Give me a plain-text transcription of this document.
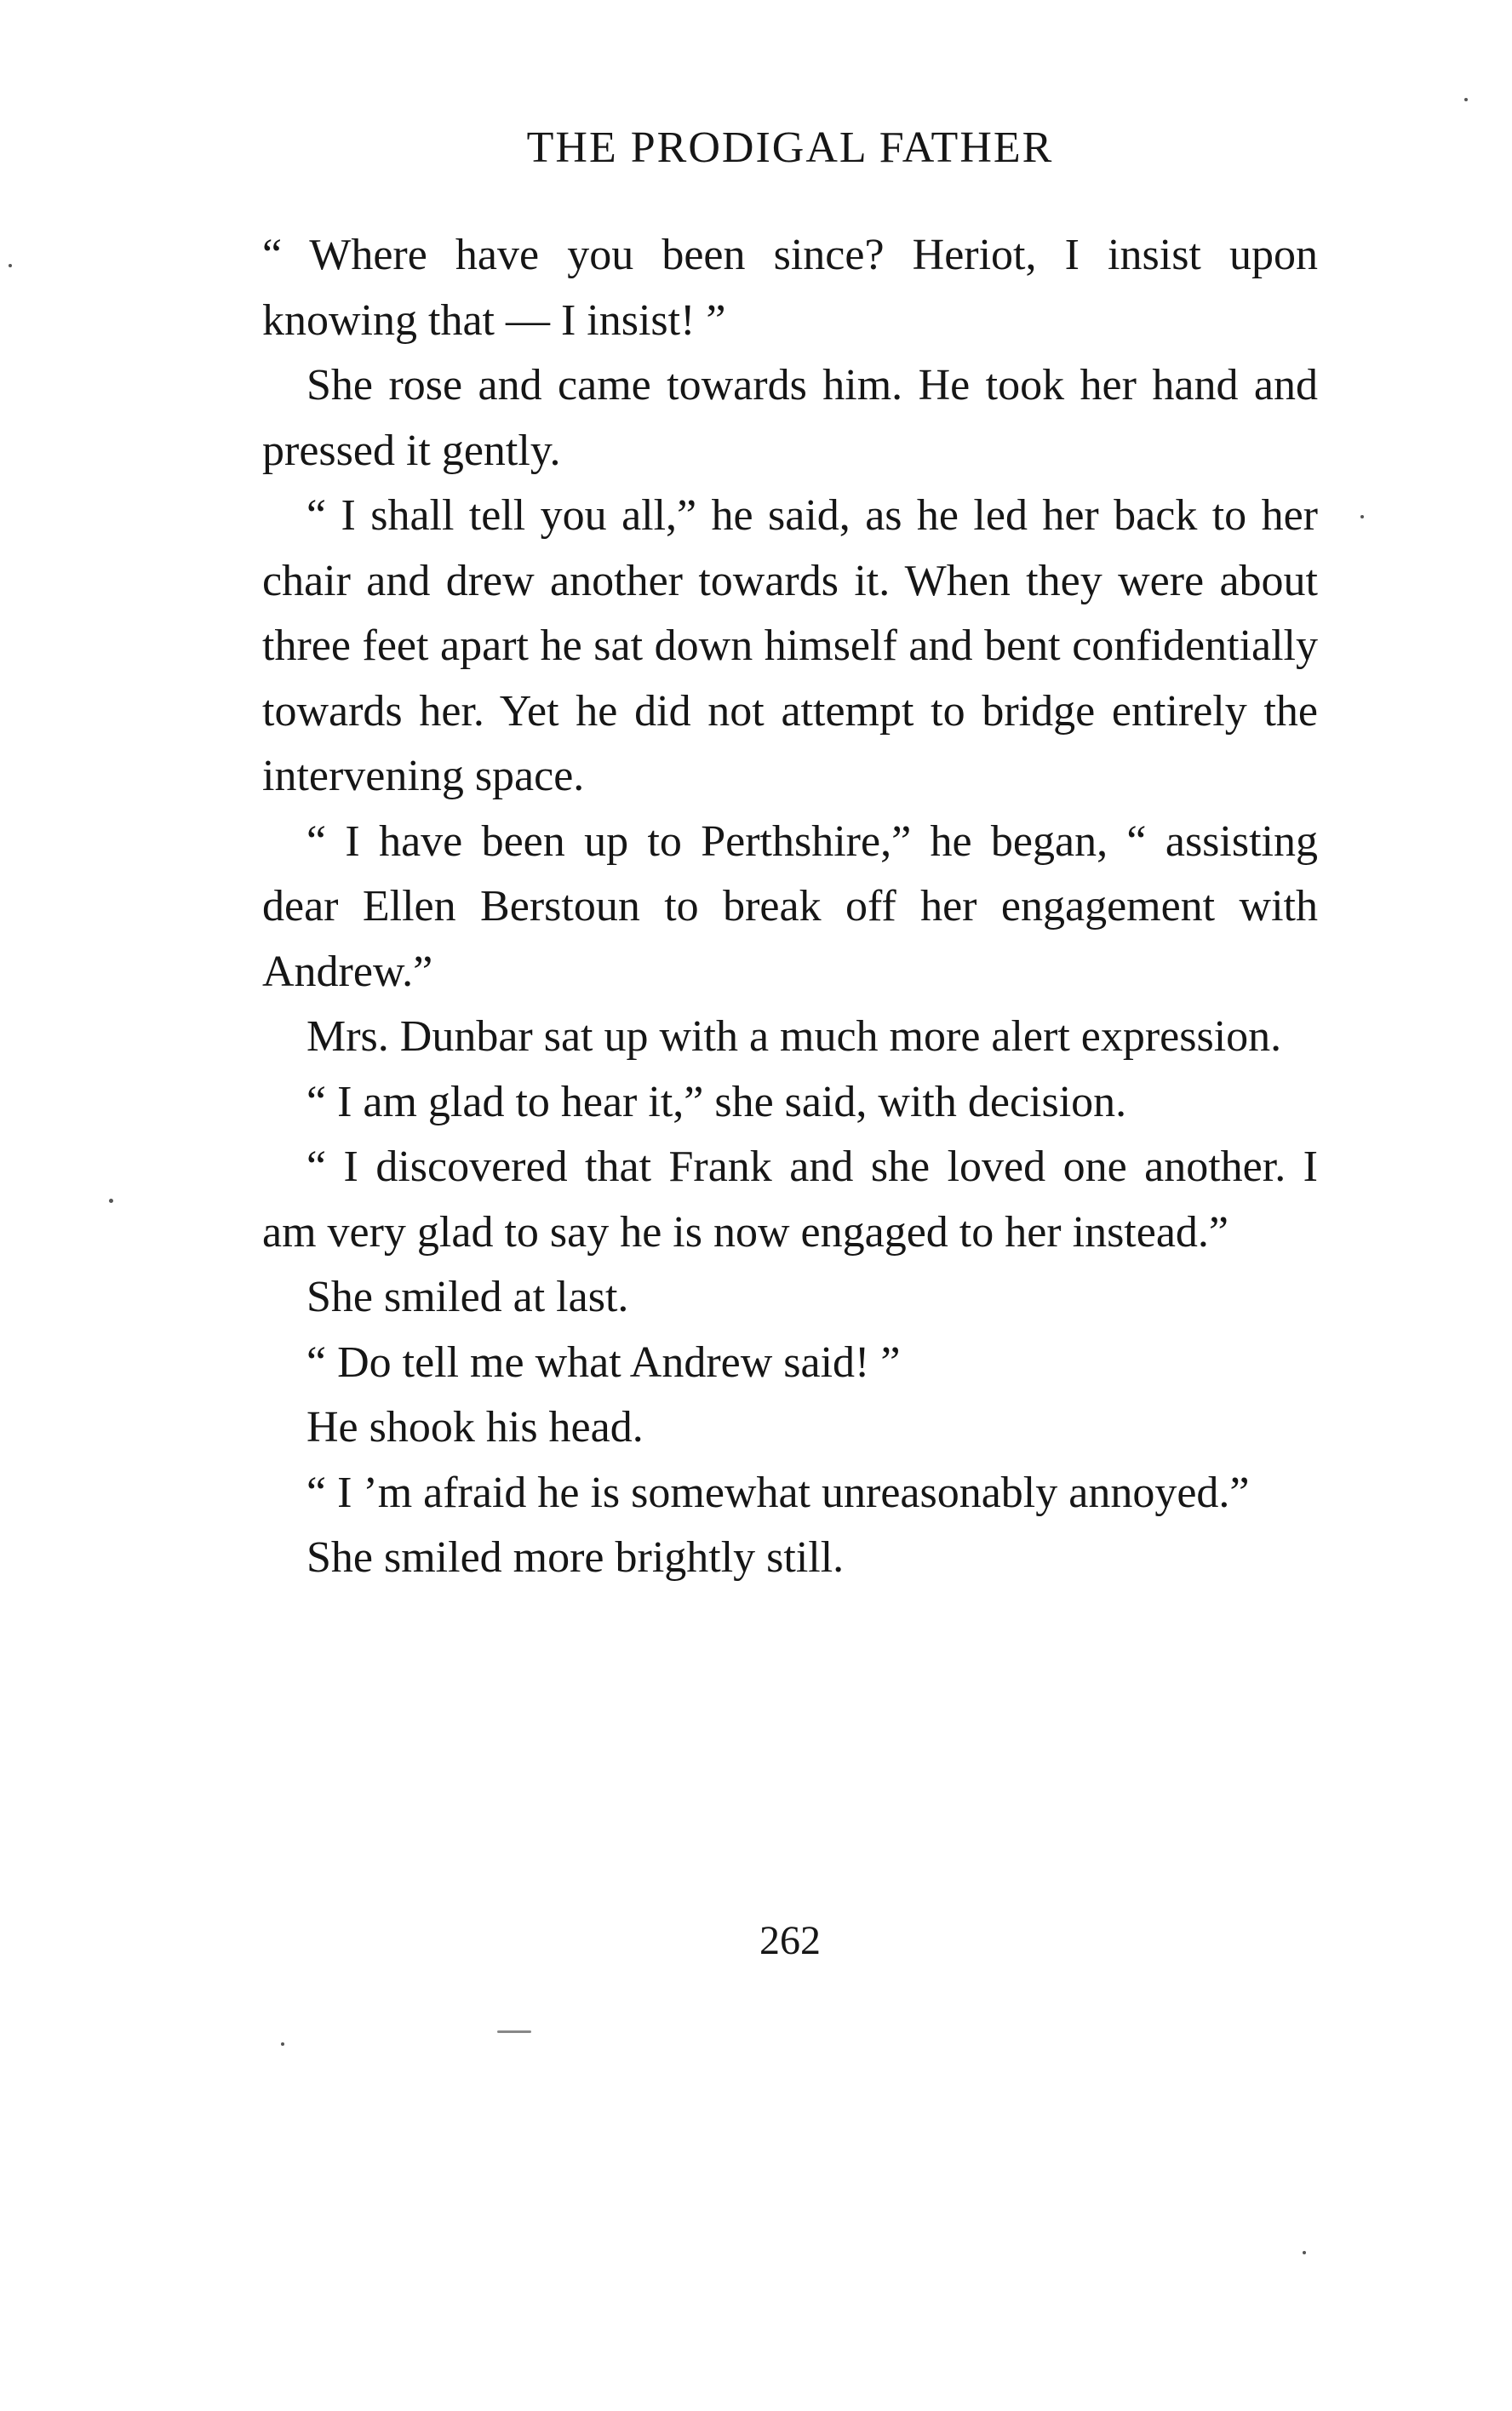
THE PRODIGAL FATHER

“ Where have you been since? Heriot, I insist upon knowing that — I insist! ”

She rose and came towards him. He took her hand and pressed it gently.

“ I shall tell you all,” he said, as he led her back to her chair and drew another towards it. When they were about three feet apart he sat down himself and bent confidentially towards her. Yet he did not attempt to bridge entirely the intervening space.

“ I have been up to Perthshire,” he began, “ assisting dear Ellen Berstoun to break off her engagement with Andrew.”

Mrs. Dunbar sat up with a much more alert expression.

“ I am glad to hear it,” she said, with decision.

“ I discovered that Frank and she loved one another. I am very glad to say he is now engaged to her instead.”

She smiled at last.

“ Do tell me what Andrew said! ”

He shook his head.

“ I ’m afraid he is somewhat unreasonably annoyed.”

She smiled more brightly still.

262
